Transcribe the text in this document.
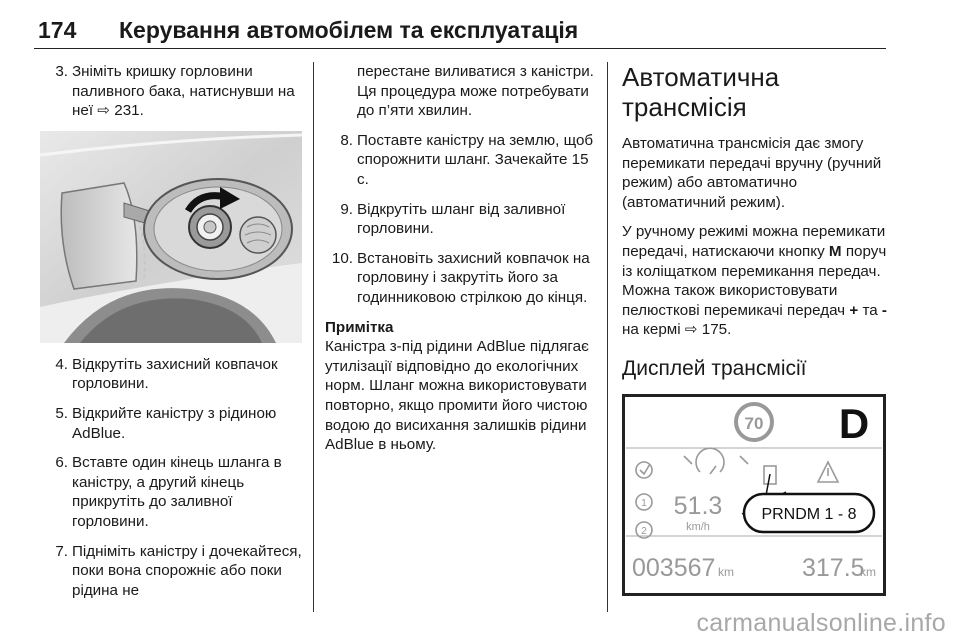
174 Керування автомобілем та експлуатація
3. Зніміть кришку горловини паливного бака, натиснувши на неї ⇨ 231.
4. Відкрутіть захисний ковпачок горловини.
5. Відкрийте каністру з рідиною AdBlue.
6. Вставте один кінець шланга в каністру, а другий кінець прикрутіть до заливної горловини.
7. Підніміть каністру і дочекайтеся, поки вона спорожніє або поки рідина не

перестане виливатися з каністри. Ця процедура може потребувати до п’яти хвилин.

8. Поставте каністру на землю, щоб спорожнити шланг. Зачекайте 15 с.
9. Відкрутіть шланг від заливної горловини.
10. Встановіть захисний ковпачок на горловину і закрутіть його за годинниковою стрілкою до кінця.
Примітка

Каністра з-під рідини AdBlue підлягає утилізації відповідно до екологічних норм. Шланг можна використовувати повторно, якщо промити його чистою водою до висихання залишків рідини AdBlue в ньому.

Автоматична трансмісія

Автоматична трансмісія дає змогу перемикати передачі вручну (ручний режим) або автоматично (автоматичний режим).

У ручному режимі можна перемикати передачі, натискаючи кнопку M поруч із коліщатком перемикання передач. Можна також використовувати пелюсткові перемикачі передач + та - на кермі ⇨ 175.

Дисплей трансмісії
70 D
1
2
51.3
km/h
PRNDM 1 - 8
003567 km	317.5
km
carmanualsonline.info
